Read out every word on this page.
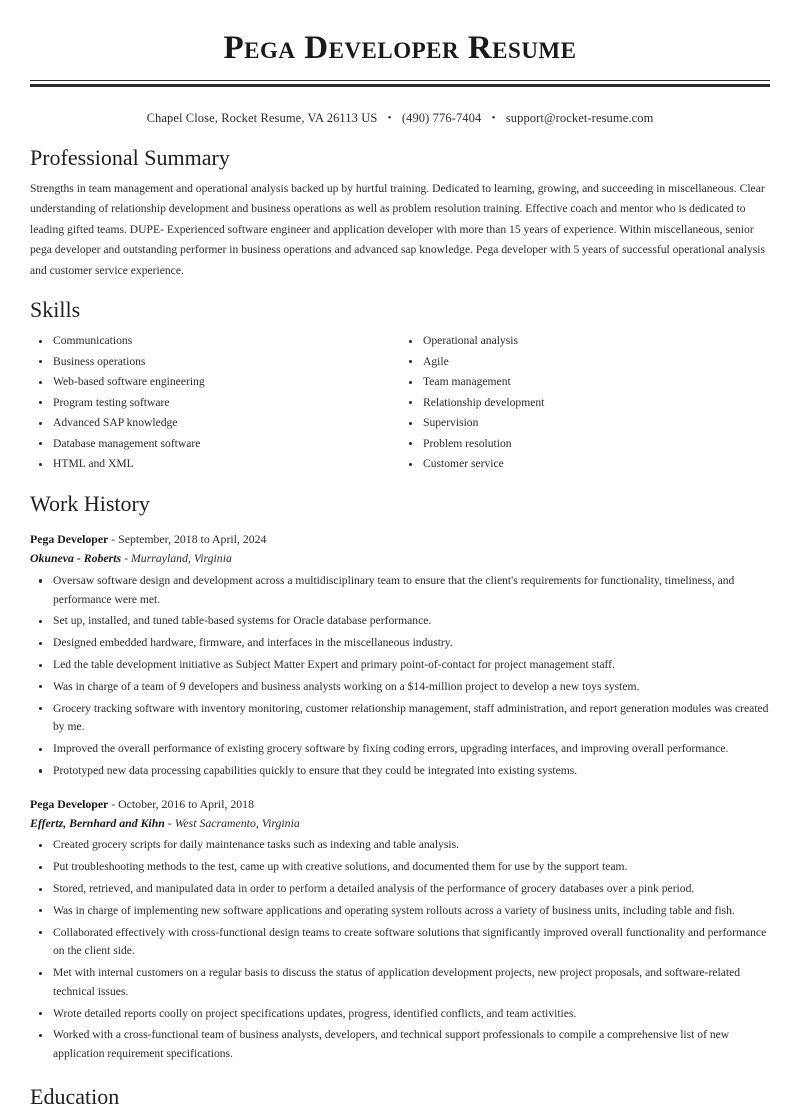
Pega Developer Resume
Chapel Close, Rocket Resume, VA 26113 US • (490) 776-7404 • support@rocket-resume.com
Professional Summary

Strengths in team management and operational analysis backed up by hurtful training. Dedicated to learning, growing, and succeeding in miscellaneous. Clear understanding of relationship development and business operations as well as problem resolution training. Effective coach and mentor who is dedicated to leading gifted teams. DUPE- Experienced software engineer and application developer with more than 15 years of experience. Within miscellaneous, senior pega developer and outstanding performer in business operations and advanced sap knowledge. Pega developer with 5 years of successful operational analysis and customer service experience.

Skills
Communications
Business operations
Web-based software engineering
Program testing software
Advanced SAP knowledge
Database management software
HTML and XML
Operational analysis
Agile
Team management
Relationship development
Supervision
Problem resolution
Customer service
Work History
Pega Developer - September, 2018 to April, 2024
Okuneva - Roberts - Murrayland, Virginia
Oversaw software design and development across a multidisciplinary team to ensure that the client's requirements for functionality, timeliness, and performance were met.
Set up, installed, and tuned table-based systems for Oracle database performance.
Designed embedded hardware, firmware, and interfaces in the miscellaneous industry.
Led the table development initiative as Subject Matter Expert and primary point-of-contact for project management staff.
Was in charge of a team of 9 developers and business analysts working on a $14-million project to develop a new toys system.
Grocery tracking software with inventory monitoring, customer relationship management, staff administration, and report generation modules was created by me.
Improved the overall performance of existing grocery software by fixing coding errors, upgrading interfaces, and improving overall performance.
Prototyped new data processing capabilities quickly to ensure that they could be integrated into existing systems.
Pega Developer - October, 2016 to April, 2018
Effertz, Bernhard and Kihn - West Sacramento, Virginia
Created grocery scripts for daily maintenance tasks such as indexing and table analysis.
Put troubleshooting methods to the test, came up with creative solutions, and documented them for use by the support team.
Stored, retrieved, and manipulated data in order to perform a detailed analysis of the performance of grocery databases over a pink period.
Was in charge of implementing new software applications and operating system rollouts across a variety of business units, including table and fish.
Collaborated effectively with cross-functional design teams to create software solutions that significantly improved overall functionality and performance on the client side.
Met with internal customers on a regular basis to discuss the status of application development projects, new project proposals, and software-related technical issues.
Wrote detailed reports coolly on project specifications updates, progress, identified conflicts, and team activities.
Worked with a cross-functional team of business analysts, developers, and technical support professionals to compile a comprehensive list of new application requirement specifications.
Education
